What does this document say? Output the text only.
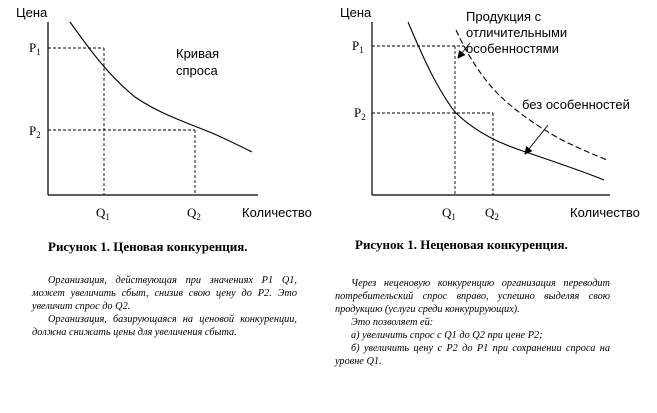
Цена
$P_1$
$P_2$
$Q_1$	$Q_2$	Количество
Кривая
спроса
Цена
$P_1$
$P_2$
$Q_1$ $Q_2$	Количество
Продукция с
отличительными
особенностями
без особенностей
Рисунок 1. Ценовая конкуренция.	Рисунок 1. Неценовая конкуренция.

Организация, действующая при значениях P1 Q1, может увеличить сбыт, снизив свою цену до P2. Это увеличит спрос до Q2.

Организация, базирующаяся на ценовой конкуренции, должна снижать цены для увеличения сбыта.

Через неценовую конкуренцию организация переводит потребительский спрос вправо, успешно выделяя свою продукцию (услуги среди конкурирующих).

Это позволяет ей:

а) увеличить спрос с Q1 до Q2 при цене P2;

б) увеличить цену с P2 до P1 при сохранении спроса на уровне Q1.
